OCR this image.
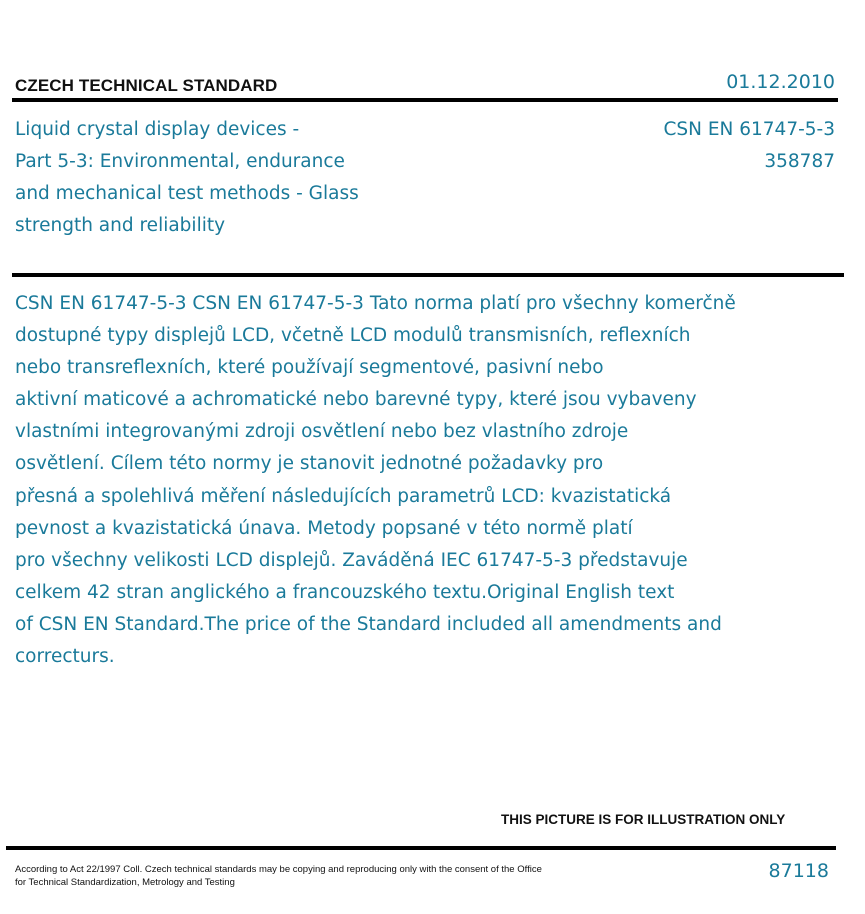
CZECH TECHNICAL STANDARD	01.12.2010
Liquid crystal display devices -
Part 5-3: Environmental, endurance
and mechanical test methods - Glass
strength and reliability
CSN EN 61747-5-3
358787
CSN EN 61747-5-3 CSN EN 61747-5-3 Tato norma platí pro všechny komerčně
dostupné typy displejů LCD, včetně LCD modulů transmisních, reflexních
nebo transreflexních, které používají segmentové, pasivní nebo
aktivní maticové a achromatické nebo barevné typy, které jsou vybaveny
vlastními integrovanými zdroji osvětlení nebo bez vlastního zdroje
osvětlení. Cílem této normy je stanovit jednotné požadavky pro
přesná a spolehlivá měření následujících parametrů LCD: kvazistatická
pevnost a kvazistatická únava. Metody popsané v této normě platí
pro všechny velikosti LCD displejů. Zaváděná IEC 61747-5-3 představuje
celkem 42 stran anglického a francouzského textu.Original English text
of CSN EN Standard.The price of the Standard included all amendments and
correcturs.
THIS PICTURE IS FOR ILLUSTRATION ONLY
According to Act 22/1997 Coll. Czech technical standards may be copying and reproducing only with the consent of the Office
for Technical Standardization, Metrology and Testing	87118
